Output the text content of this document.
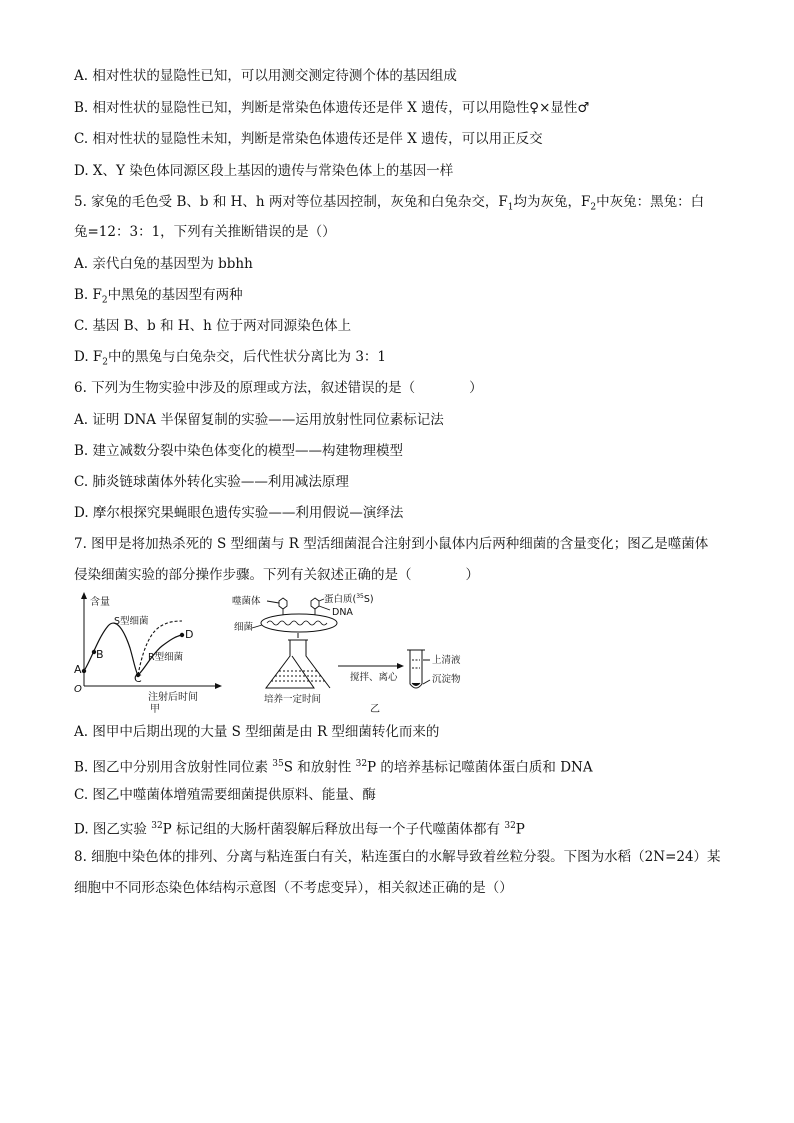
A. 相对性状的显隐性已知，可以用测交测定待测个体的基因组成
B. 相对性状的显隐性已知，判断是常染色体遗传还是伴 X 遗传，可以用隐性♀×显性♂
C. 相对性状的显隐性未知，判断是常染色体遗传还是伴 X 遗传，可以用正反交
D. X、Y 染色体同源区段上基因的遗传与常染色体上的基因一样
5. 家兔的毛色受 B、b 和 H、h 两对等位基因控制，灰兔和白兔杂交，$F_1$均为灰兔，$F_2$中灰兔：黑兔：白
兔=12：3：1，下列有关推断错误的是（）
A. 亲代白兔的基因型为 bbhh
B. $F_2$中黑兔的基因型有两种
C. 基因 B、b 和 H、h 位于两对同源染色体上
D. $F_2$中的黑兔与白兔杂交，后代性状分离比为 3：1
6. 下列为生物实验中涉及的原理或方法，叙述错误的是（　　　　）
A. 证明 DNA 半保留复制的实验——运用放射性同位素标记法
B. 建立减数分裂中染色体变化的模型——构建物理模型
C. 肺炎链球菌体外转化实验——利用减法原理
D. 摩尔根探究果蝇眼色遗传实验——利用假说—演绎法
7. 图甲是将加热杀死的 S 型细菌与 R 型活细菌混合注射到小鼠体内后两种细菌的含量变化；图乙是噬菌体
侵染细菌实验的部分操作步骤。下列有关叙述正确的是（　　　　）
含量
O
A
B
C
D
S型细菌
R型细菌
注射后时间
甲
噬菌体	蛋白质($^{35}$S)
DNA
细菌
培养一定时间
搅拌、离心
上清液
沉淀物
乙
A. 图甲中后期出现的大量 S 型细菌是由 R 型细菌转化而来的
B. 图乙中分别用含放射性同位素 $^{35}$S 和放射性 $^{32}$P 的培养基标记噬菌体蛋白质和 DNA
C. 图乙中噬菌体增殖需要细菌提供原料、能量、酶
D. 图乙实验 $^{32}$P 标记组的大肠杆菌裂解后释放出每一个子代噬菌体都有 $^{32}$P
8. 细胞中染色体的排列、分离与粘连蛋白有关，粘连蛋白的水解导致着丝粒分裂。下图为水稻（2N=24）某
细胞中不同形态染色体结构示意图（不考虑变异），相关叙述正确的是（）
